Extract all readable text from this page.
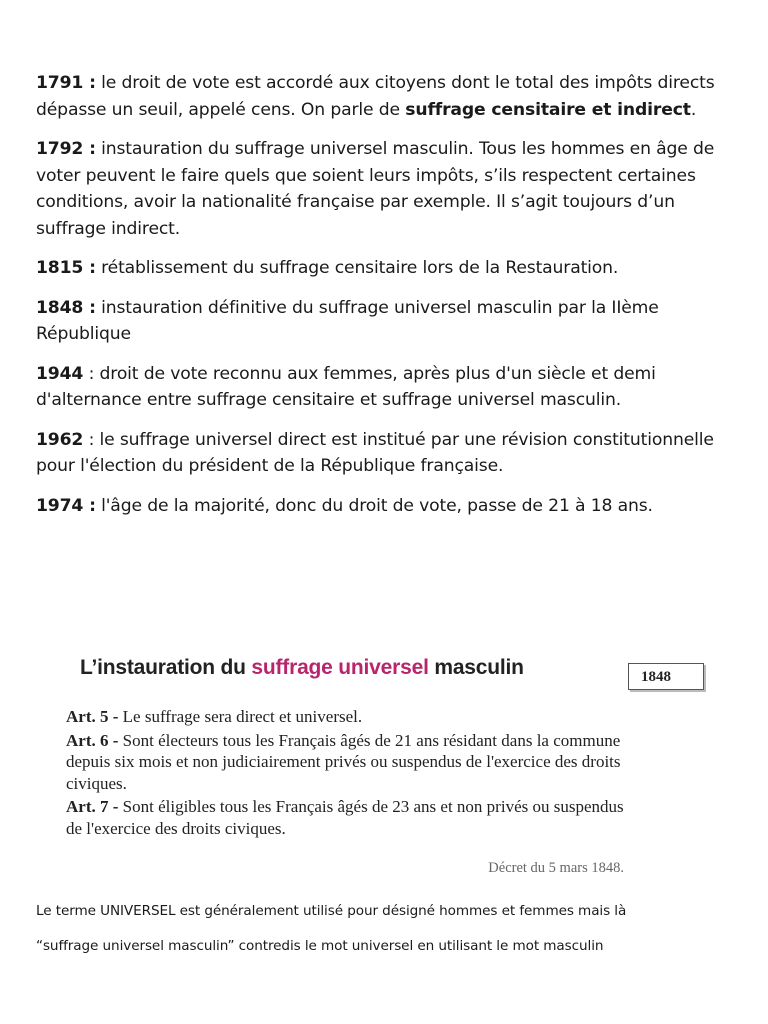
1791 : le droit de vote est accordé aux citoyens dont le total des impôts directs dépasse un seuil, appelé cens. On parle de suffrage censitaire et indirect.

1792 : instauration du suffrage universel masculin. Tous les hommes en âge de voter peuvent le faire quels que soient leurs impôts, s’ils respectent certaines conditions, avoir la nationalité française par exemple. Il s’agit toujours d’un suffrage indirect.

1815 : rétablissement du suffrage censitaire lors de la Restauration.

1848 : instauration définitive du suffrage universel masculin par la IIème République

1944 : droit de vote reconnu aux femmes, après plus d'un siècle et demi d'alternance entre suffrage censitaire et suffrage universel masculin.

1962 : le suffrage universel direct est institué par une révision constitutionnelle pour l'élection du président de la République française.

1974 : l'âge de la majorité, donc du droit de vote, passe de 21 à 18 ans.

L’instauration du suffrage universel masculin	1848

Art. 5 - Le suffrage sera direct et universel.

Art. 6 - Sont électeurs tous les Français âgés de 21 ans résidant dans la commune depuis six mois et non judiciairement privés ou suspendus de l'exercice des droits civiques.

Art. 7 - Sont éligibles tous les Français âgés de 23 ans et non privés ou suspendus de l'exercice des droits civiques.

Décret du 5 mars 1848.
Le terme UNIVERSEL est généralement utilisé pour désigné hommes et femmes mais là
“suffrage universel masculin” contredis le mot universel en utilisant le mot masculin
